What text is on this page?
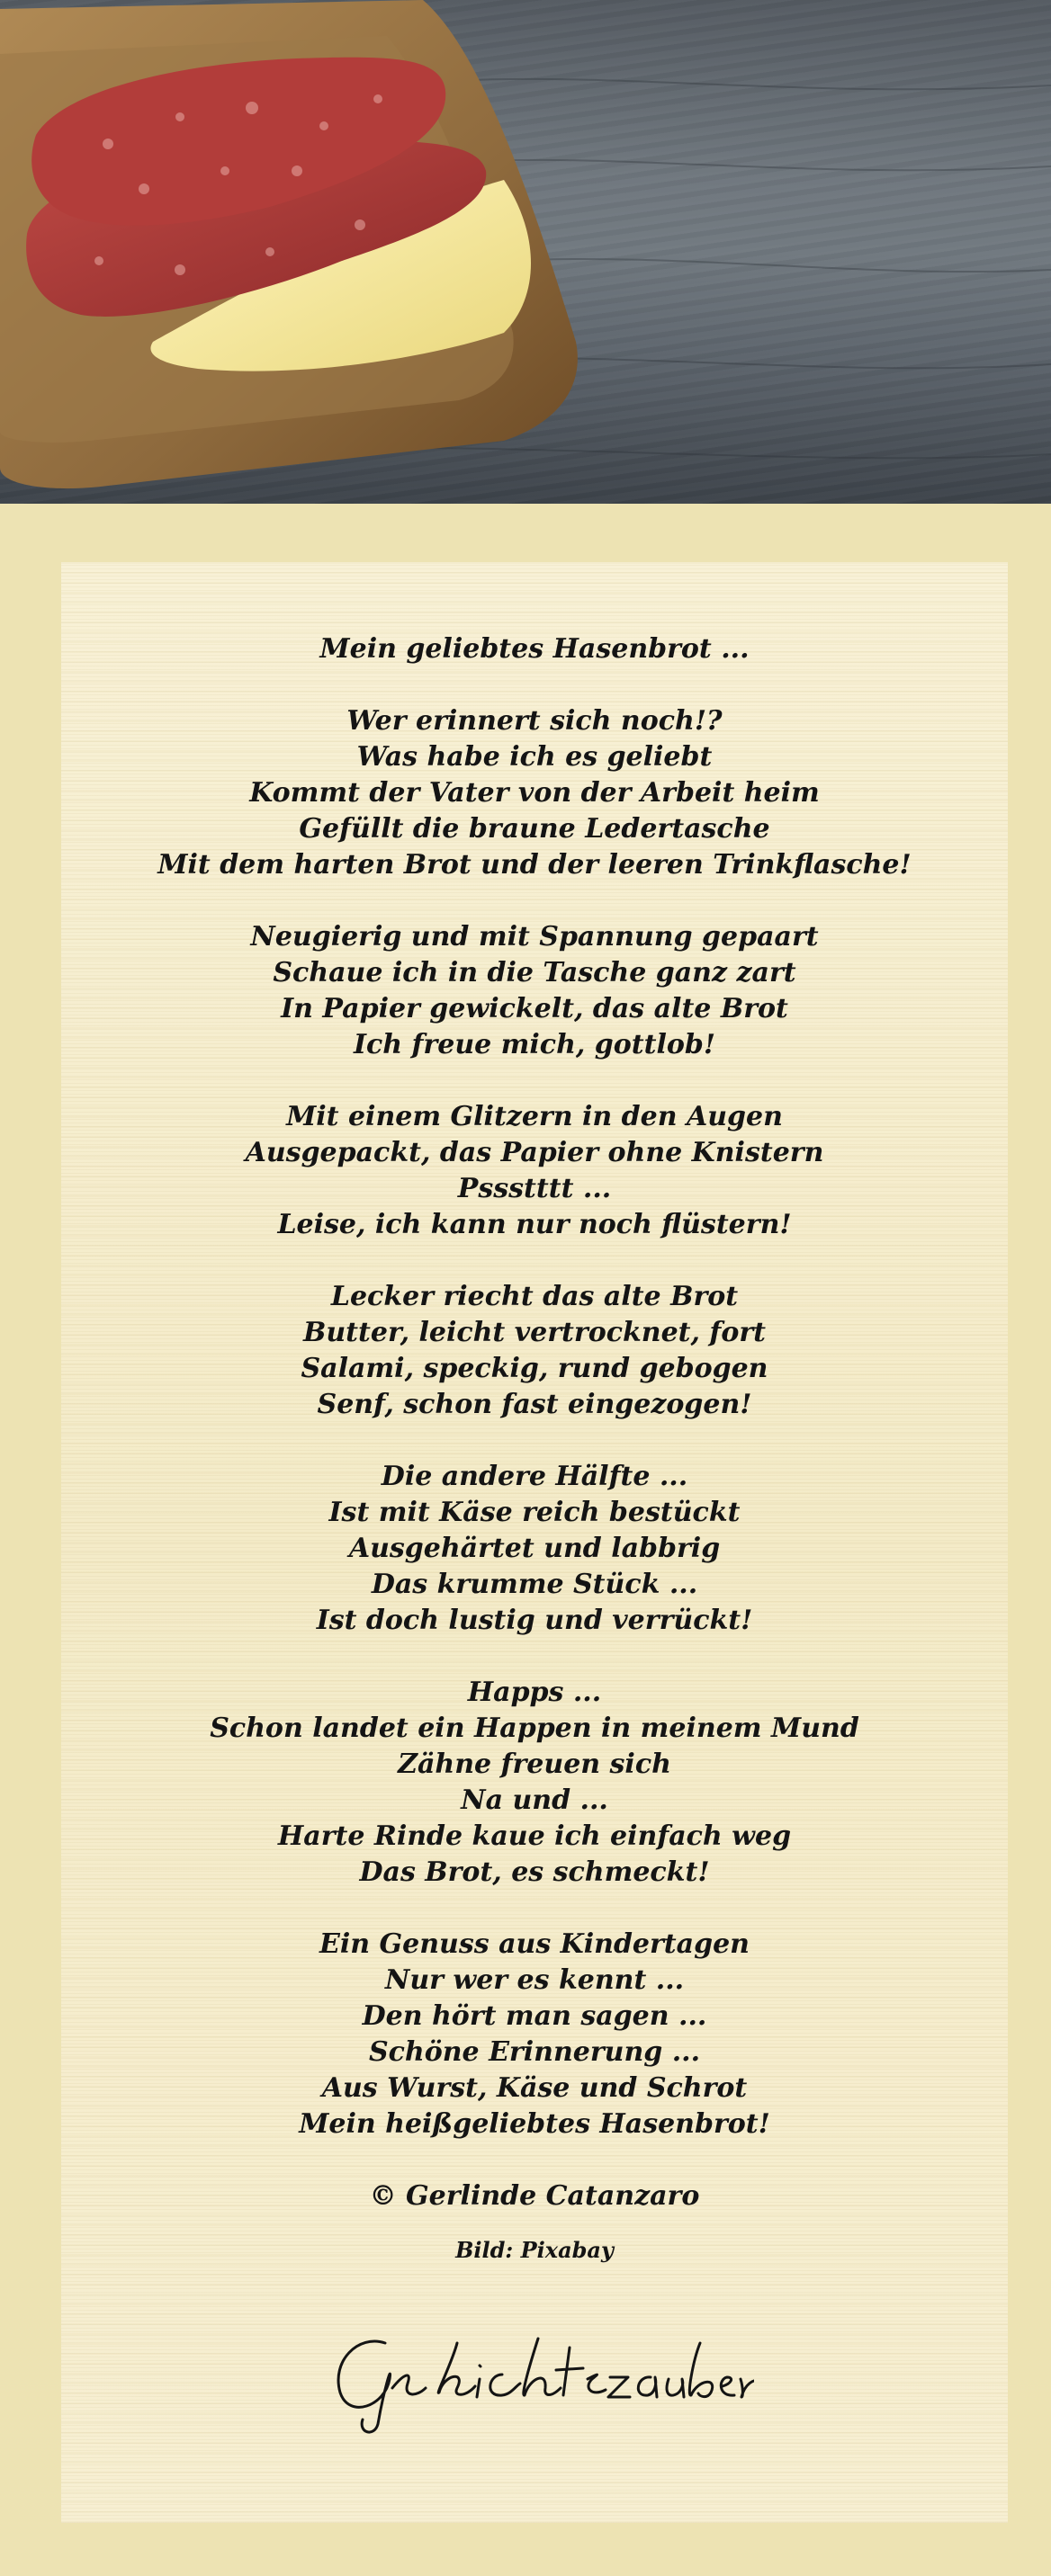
Mein geliebtes Hasenbrot ...
Wer erinnert sich noch!?
Was habe ich es geliebt
Kommt der Vater von der Arbeit heim
Gefüllt die braune Ledertasche
Mit dem harten Brot und der leeren Trinkflasche!
Neugierig und mit Spannung gepaart
Schaue ich in die Tasche ganz zart
In Papier gewickelt, das alte Brot
Ich freue mich, gottlob!
Mit einem Glitzern in den Augen
Ausgepackt, das Papier ohne Knistern
Pssstttt ...
Leise, ich kann nur noch flüstern!
Lecker riecht das alte Brot
Butter, leicht vertrocknet, fort
Salami, speckig, rund gebogen
Senf, schon fast eingezogen!
Die andere Hälfte ...
Ist mit Käse reich bestückt
Ausgehärtet und labbrig
Das krumme Stück ...
Ist doch lustig und verrückt!
Happs ...
Schon landet ein Happen in meinem Mund
Zähne freuen sich
Na und ...
Harte Rinde kaue ich einfach weg
Das Brot, es schmeckt!
Ein Genuss aus Kindertagen
Nur wer es kennt ...
Den hört man sagen ...
Schöne Erinnerung ...
Aus Wurst, Käse und Schrot
Mein heißgeliebtes Hasenbrot!
© Gerlinde Catanzaro
Bild: Pixabay
